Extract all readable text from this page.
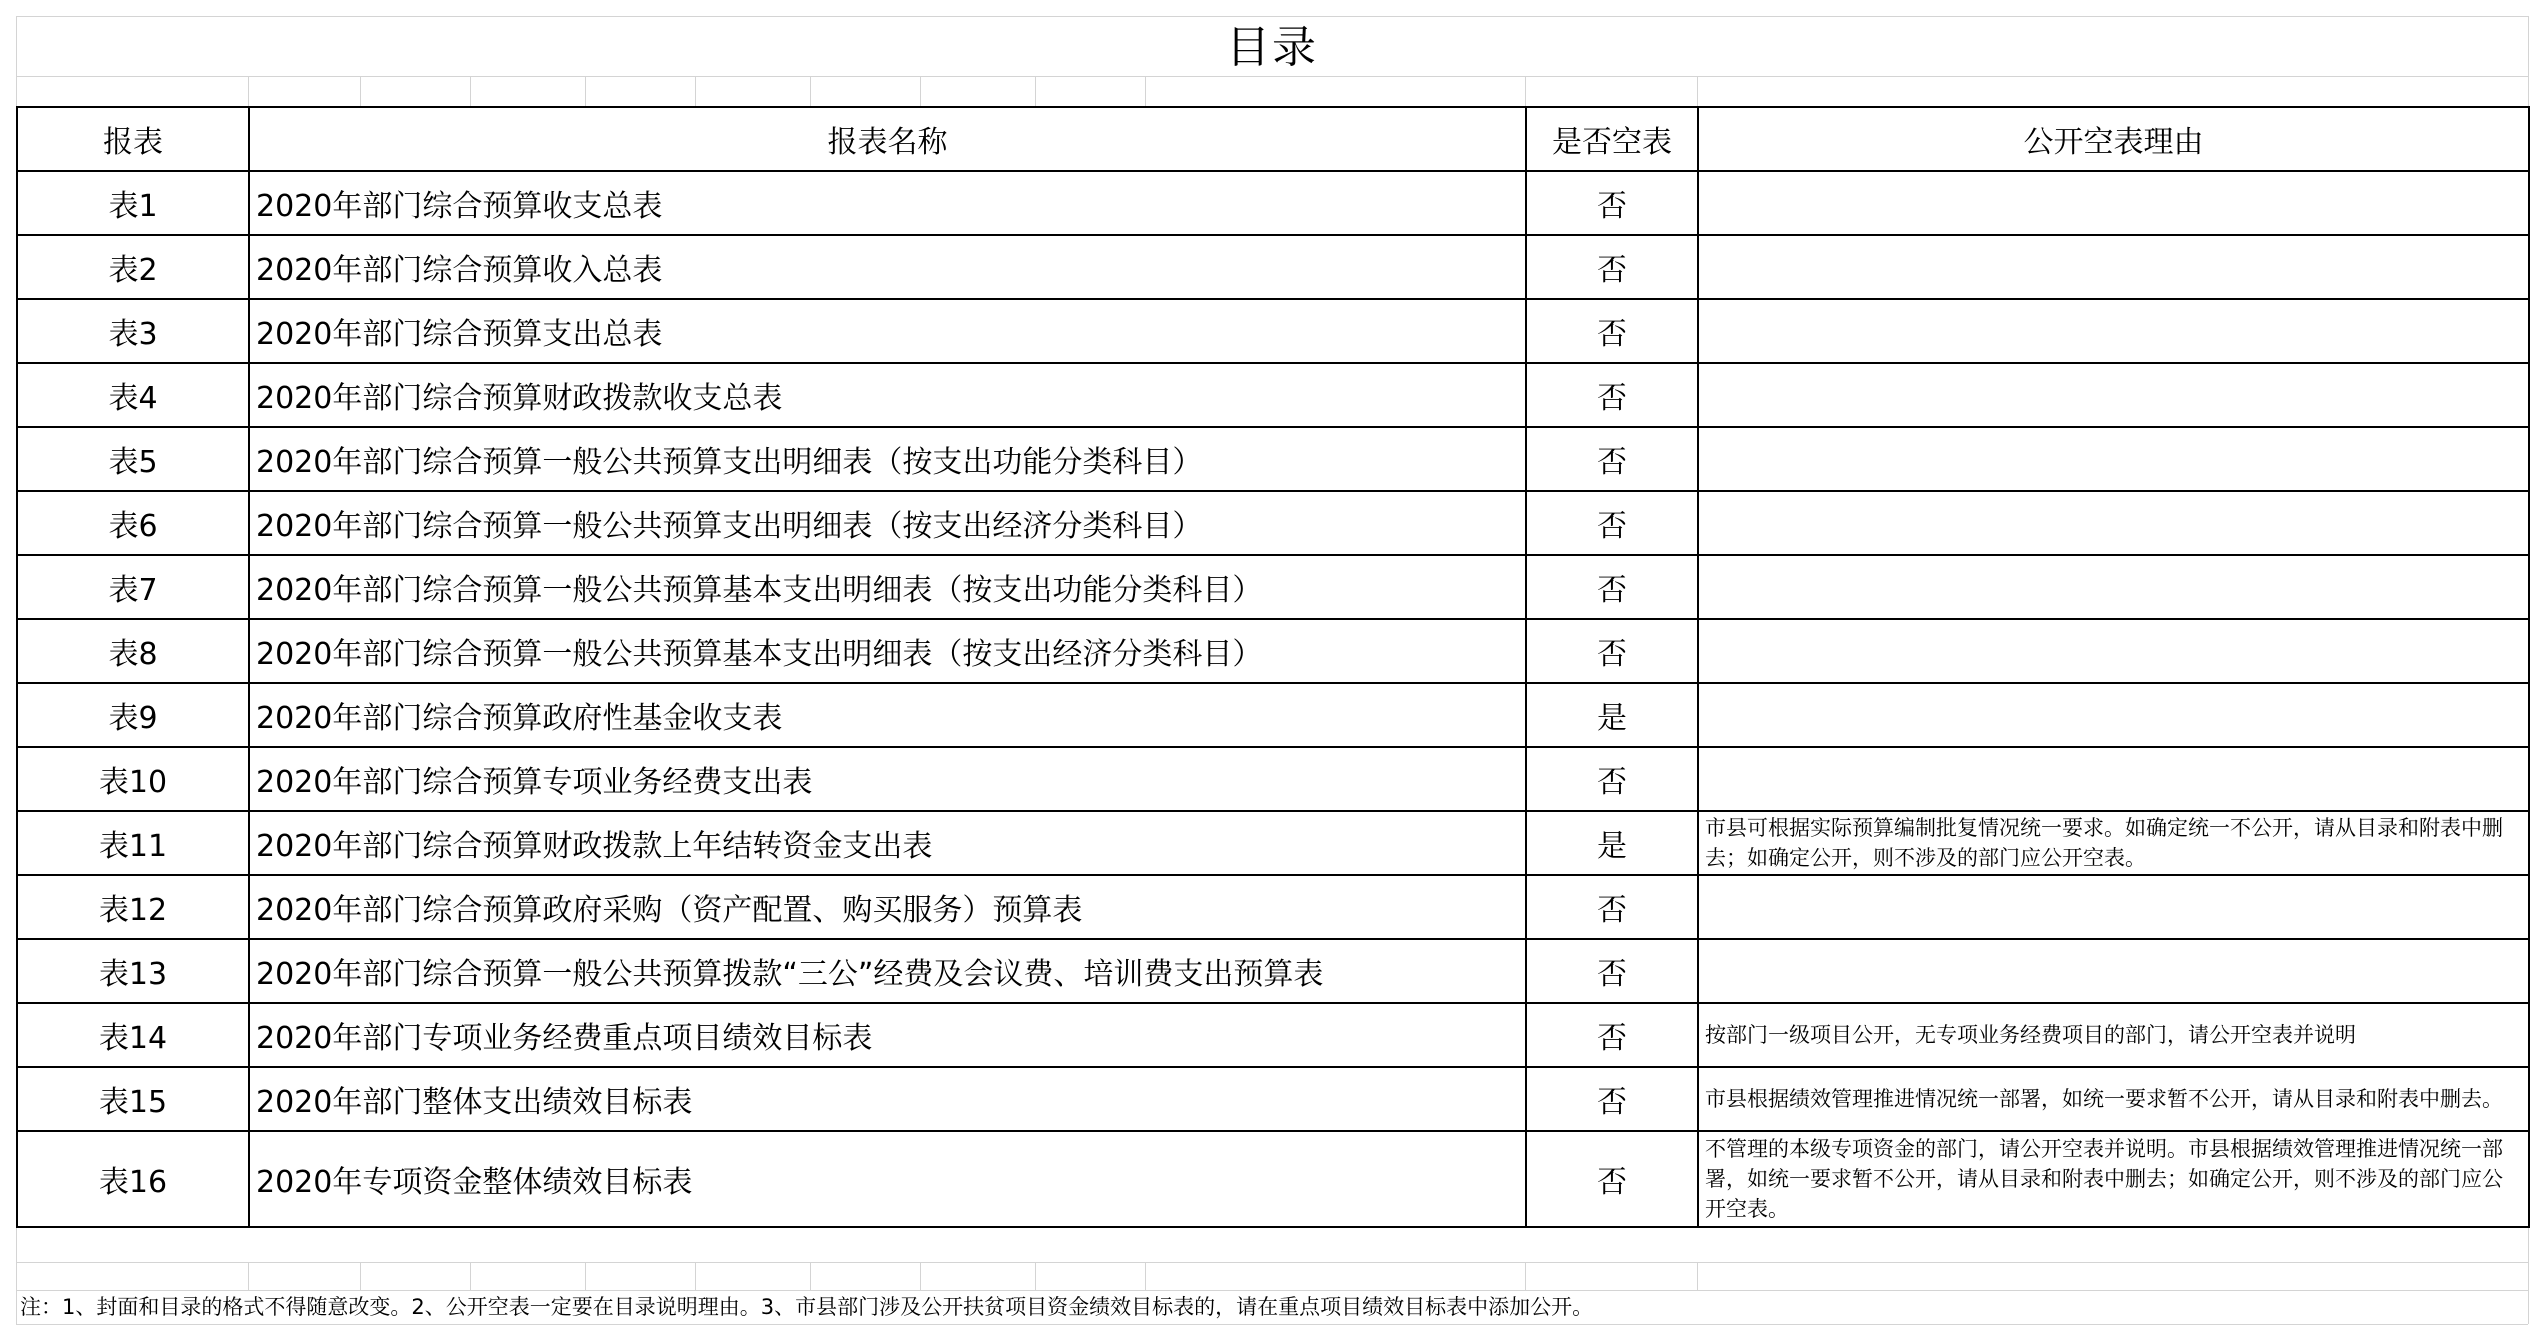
目录
报表	报表名称	是否空表	公开空表理由
表1	2020年部门综合预算收支总表	否	
表2	2020年部门综合预算收入总表	否	
表3	2020年部门综合预算支出总表	否	
表4	2020年部门综合预算财政拨款收支总表	否	
表5	2020年部门综合预算一般公共预算支出明细表（按支出功能分类科目）	否	
表6	2020年部门综合预算一般公共预算支出明细表（按支出经济分类科目）	否	
表7	2020年部门综合预算一般公共预算基本支出明细表（按支出功能分类科目）	否	
表8	2020年部门综合预算一般公共预算基本支出明细表（按支出经济分类科目）	否	
表9	2020年部门综合预算政府性基金收支表	是	
表10	2020年部门综合预算专项业务经费支出表	否	
表11	2020年部门综合预算财政拨款上年结转资金支出表	是	市县可根据实际预算编制批复情况统一要求。如确定统一不公开，请从目录和附表中删去；如确定公开，则不涉及的部门应公开空表。
表12	2020年部门综合预算政府采购（资产配置、购买服务）预算表	否	
表13	2020年部门综合预算一般公共预算拨款“三公”经费及会议费、培训费支出预算表	否	
表14	2020年部门专项业务经费重点项目绩效目标表	否	按部门一级项目公开，无专项业务经费项目的部门，请公开空表并说明
表15	2020年部门整体支出绩效目标表	否	市县根据绩效管理推进情况统一部署，如统一要求暂不公开，请从目录和附表中删去。
表16	2020年专项资金整体绩效目标表	否	不管理的本级专项资金的部门，请公开空表并说明。市县根据绩效管理推进情况统一部署，如统一要求暂不公开，请从目录和附表中删去；如确定公开，则不涉及的部门应公开空表。
注：1、封面和目录的格式不得随意改变。2、公开空表一定要在目录说明理由。3、市县部门涉及公开扶贫项目资金绩效目标表的，请在重点项目绩效目标表中添加公开。
